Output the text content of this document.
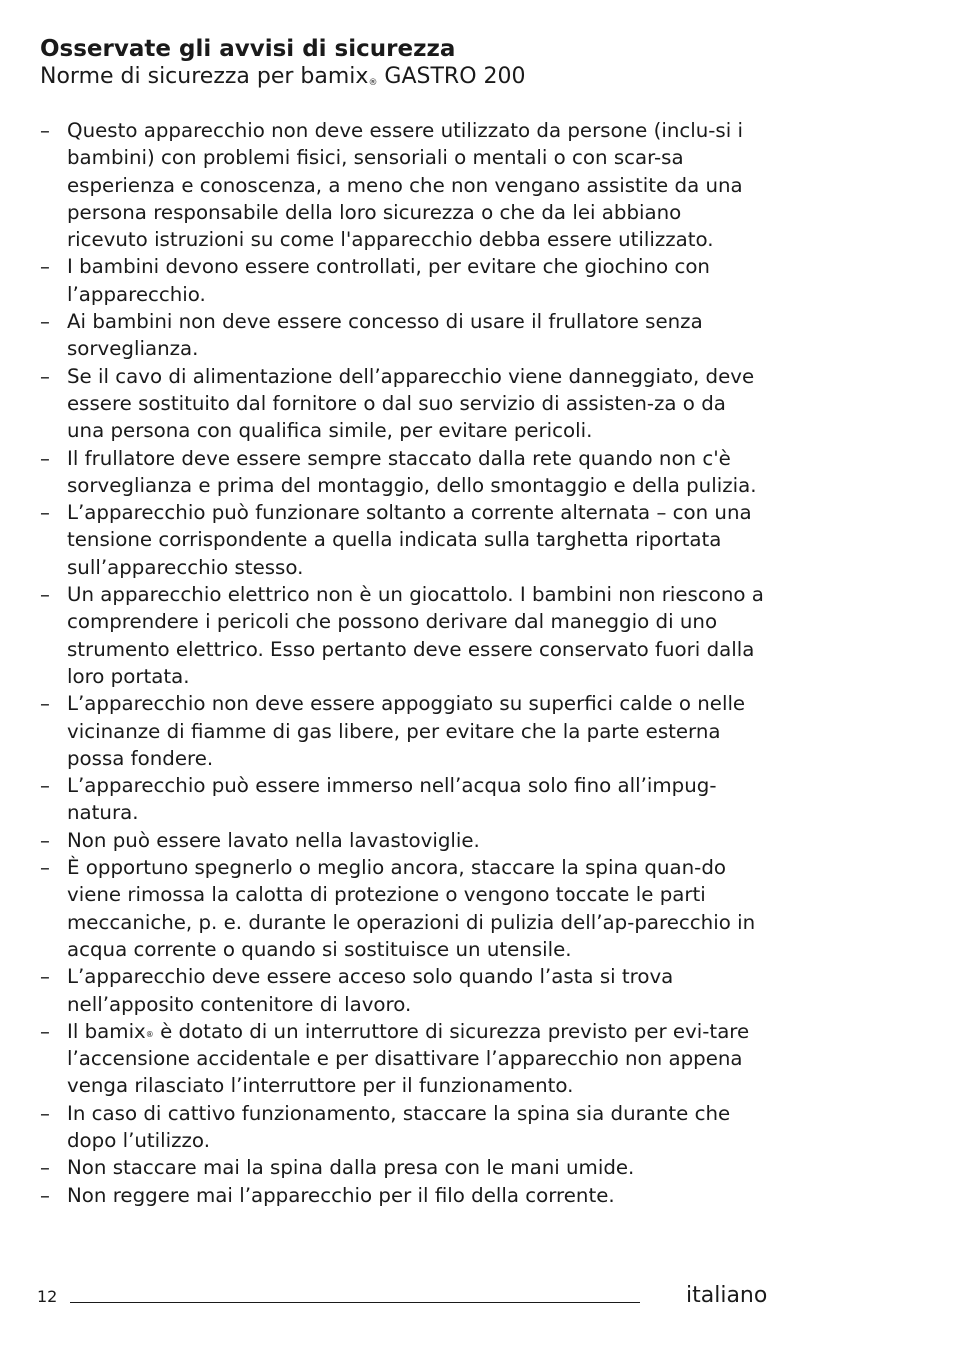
Osservate gli avvisi di sicurezza
Norme di sicurezza per bamix® GASTRO 200
– Questo apparecchio non deve essere utilizzato da persone (inclu-si i bambini) con problemi fisici, sensoriali o mentali o con scar-sa esperienza e conoscenza, a meno che non vengano assistite da una persona responsabile della loro sicurezza o che da lei abbiano ricevuto istruzioni su come l'apparecchio debba essere utilizzato.
– I bambini devono essere controllati, per evitare che giochino con l’apparecchio.
– Ai bambini non deve essere concesso di usare il frullatore senza sorveglianza.
– Se il cavo di alimentazione dell’apparecchio viene danneggiato, deve essere sostituito dal fornitore o dal suo servizio di assisten-za o da una persona con qualifica simile, per evitare pericoli.
– Il frullatore deve essere sempre staccato dalla rete quando non c'è sorveglianza e prima del montaggio, dello smontaggio e della pulizia.
– L’apparecchio può funzionare soltanto a corrente alternata – con una tensione corrispondente a quella indicata sulla targhetta riportata sull’apparecchio stesso.
– Un apparecchio elettrico non è un giocattolo. I bambini non riescono a comprendere i pericoli che possono derivare dal maneggio di uno strumento elettrico. Esso pertanto deve essere conservato fuori dalla loro portata.
– L’apparecchio non deve essere appoggiato su superfici calde o nelle vicinanze di fiamme di gas libere, per evitare che la parte esterna possa fondere.
– L’apparecchio può essere immerso nell’acqua solo fino all’impug-natura.
– Non può essere lavato nella lavastoviglie.
– È opportuno spegnerlo o meglio ancora, staccare la spina quan-do viene rimossa la calotta di protezione o vengono toccate le parti meccaniche, p. e. durante le operazioni di pulizia dell’ap-parecchio in acqua corrente o quando si sostituisce un utensile.
– L’apparecchio deve essere acceso solo quando l’asta si trova nell’apposito contenitore di lavoro.
– Il bamix® è dotato di un interruttore di sicurezza previsto per evi-tare l’accensione accidentale e per disattivare l’apparecchio non appena venga rilasciato l’interruttore per il funzionamento.
– In caso di cattivo funzionamento, staccare la spina sia durante che dopo l’utilizzo.
– Non staccare mai la spina dalla presa con le mani umide.
– Non reggere mai l’apparecchio per il filo della corrente.
12	italiano
